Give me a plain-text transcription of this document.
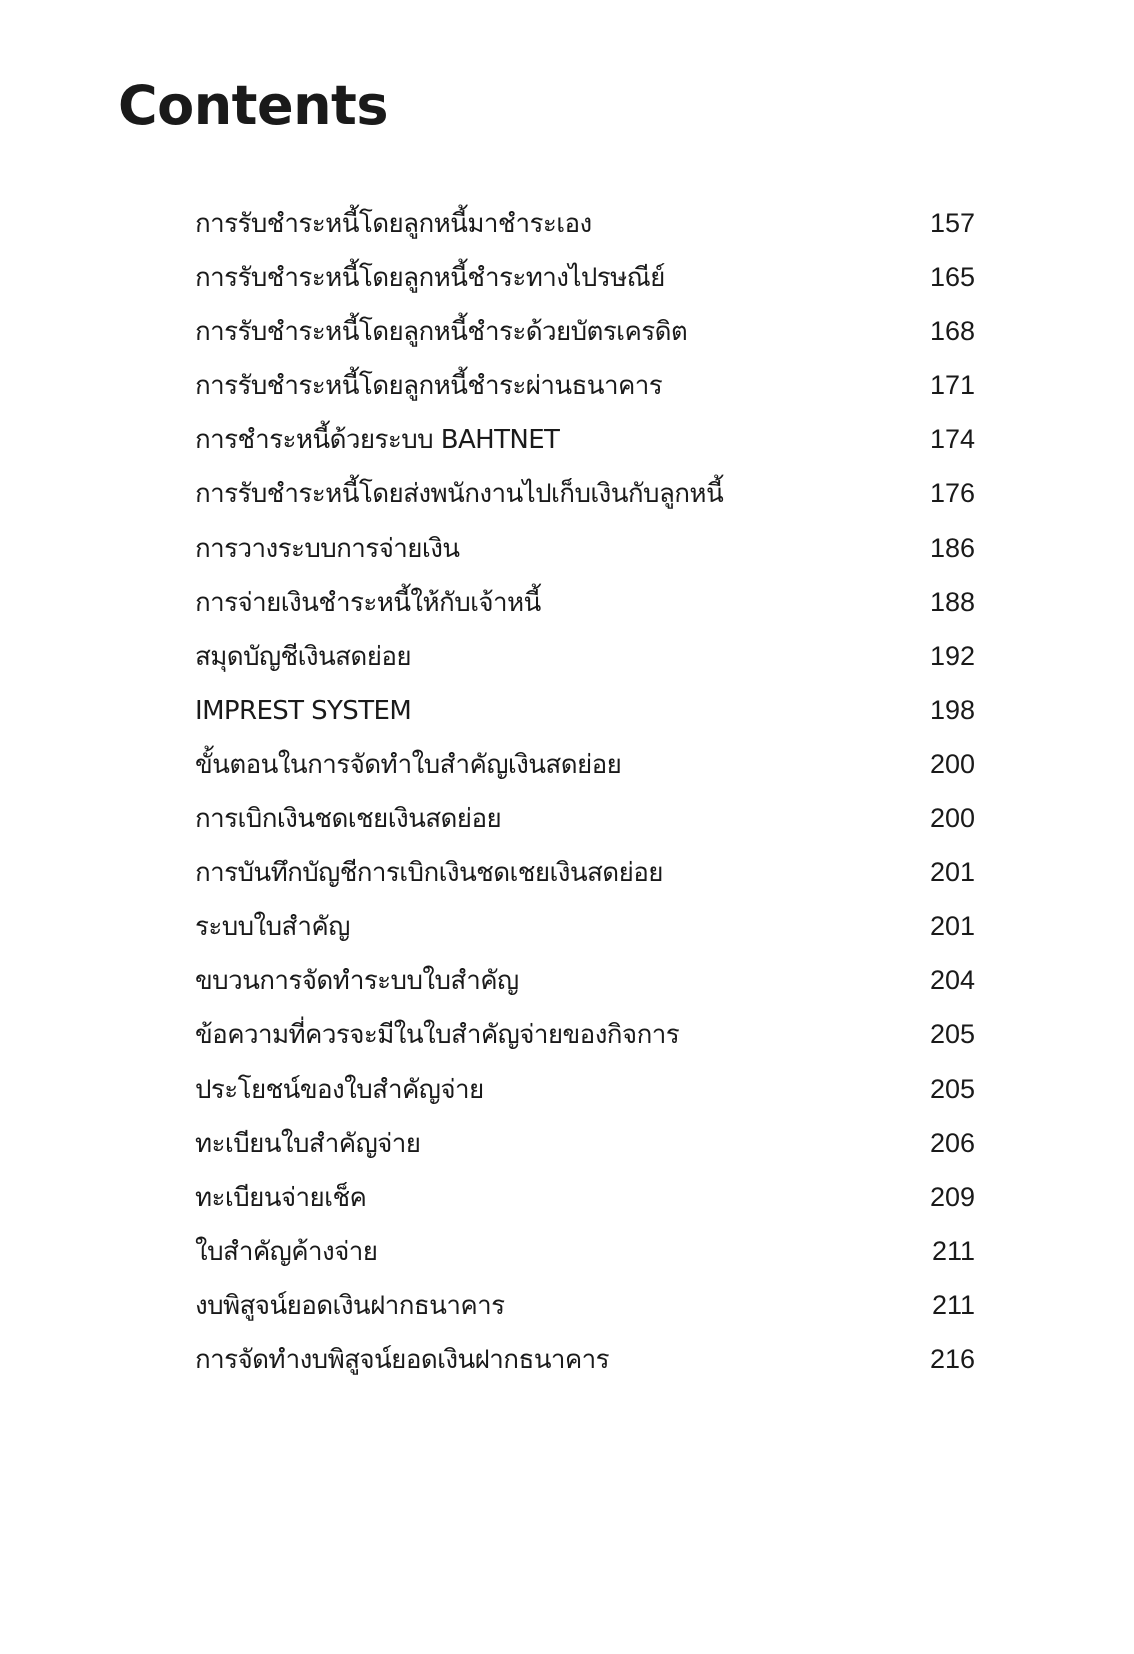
Contents
การรับชำระหนี้โดยลูกหนี้มาชำระเอง	157
การรับชำระหนี้โดยลูกหนี้ชำระทางไปรษณีย์	165
การรับชำระหนี้โดยลูกหนี้ชำระด้วยบัตรเครดิต	168
การรับชำระหนี้โดยลูกหนี้ชำระผ่านธนาคาร	171
การชำระหนี้ด้วยระบบ BAHTNET	174
การรับชำระหนี้โดยส่งพนักงานไปเก็บเงินกับลูกหนี้	176
การวางระบบการจ่ายเงิน	186
การจ่ายเงินชำระหนี้ให้กับเจ้าหนี้	188
สมุดบัญชีเงินสดย่อย	192
IMPREST SYSTEM	198
ขั้นตอนในการจัดทำใบสำคัญเงินสดย่อย	200
การเบิกเงินชดเชยเงินสดย่อย	200
การบันทึกบัญชีการเบิกเงินชดเชยเงินสดย่อย	201
ระบบใบสำคัญ	201
ขบวนการจัดทำระบบใบสำคัญ	204
ข้อความที่ควรจะมีในใบสำคัญจ่ายของกิจการ	205
ประโยชน์ของใบสำคัญจ่าย	205
ทะเบียนใบสำคัญจ่าย	206
ทะเบียนจ่ายเช็ค	209
ใบสำคัญค้างจ่าย	211
งบพิสูจน์ยอดเงินฝากธนาคาร	211
การจัดทำงบพิสูจน์ยอดเงินฝากธนาคาร	216
